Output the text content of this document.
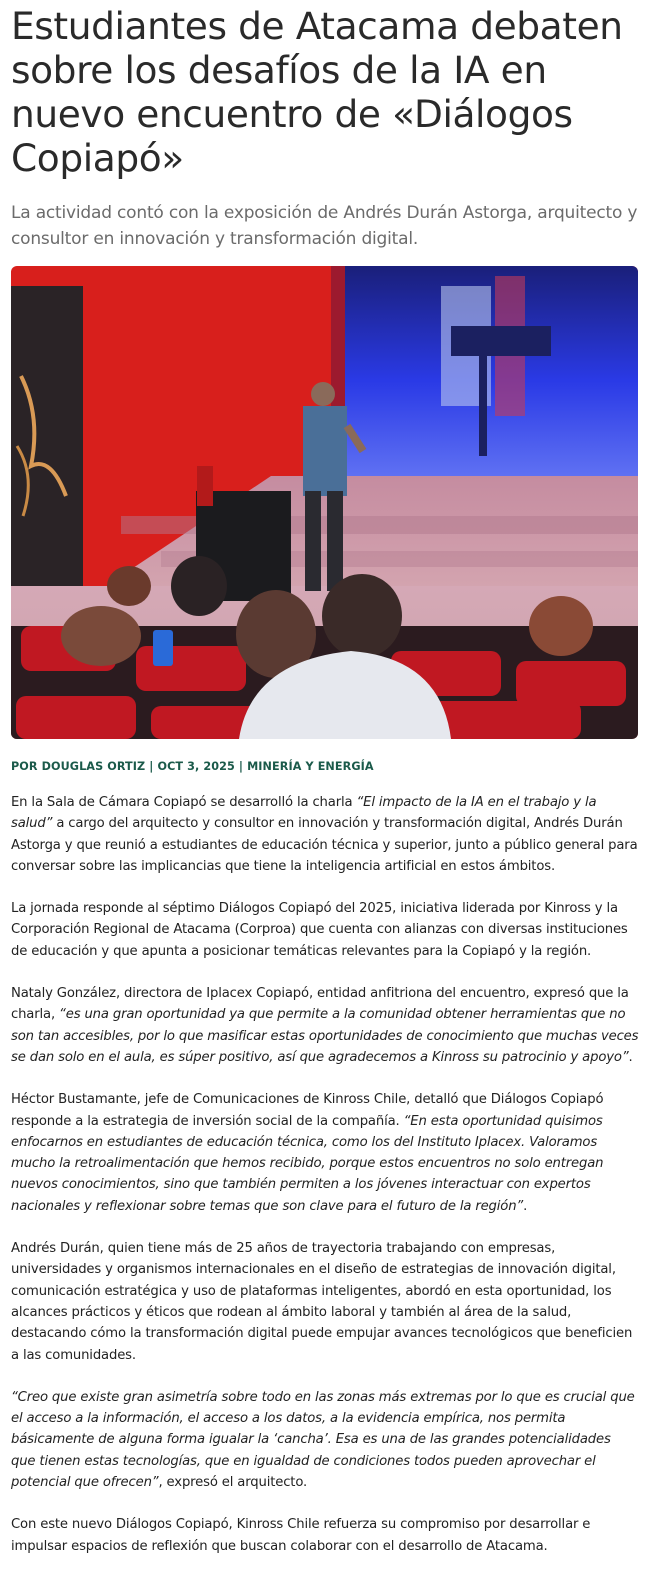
Estudiantes de Atacama debaten sobre los desafíos de la IA en nuevo encuentro de «Diálogos Copiapó»

La actividad contó con la exposición de Andrés Durán Astorga, arquitecto y consultor en innovación y transformación digital.

POR DOUGLAS ORTIZ | OCT 3, 2025 | MINERÍA Y ENERGÍA

En la Sala de Cámara Copiapó se desarrolló la charla “El impacto de la IA en el trabajo y la salud” a cargo del arquitecto y consultor en innovación y transformación digital, Andrés Durán Astorga y que reunió a estudiantes de educación técnica y superior, junto a público general para conversar sobre las implicancias que tiene la inteligencia artificial en estos ámbitos.

La jornada responde al séptimo Diálogos Copiapó del 2025, iniciativa liderada por Kinross y la Corporación Regional de Atacama (Corproa) que cuenta con alianzas con diversas instituciones de educación y que apunta a posicionar temáticas relevantes para la Copiapó y la región.

Nataly González, directora de Iplacex Copiapó, entidad anfitriona del encuentro, expresó que la charla, “es una gran oportunidad ya que permite a la comunidad obtener herramientas que no son tan accesibles, por lo que masificar estas oportunidades de conocimiento que muchas veces se dan solo en el aula, es súper positivo, así que agradecemos a Kinross su patrocinio y apoyo”.

Héctor Bustamante, jefe de Comunicaciones de Kinross Chile, detalló que Diálogos Copiapó responde a la estrategia de inversión social de la compañía. “En esta oportunidad quisimos enfocarnos en estudiantes de educación técnica, como los del Instituto Iplacex. Valoramos mucho la retroalimentación que hemos recibido, porque estos encuentros no solo entregan nuevos conocimientos, sino que también permiten a los jóvenes interactuar con expertos nacionales y reflexionar sobre temas que son clave para el futuro de la región”.

Andrés Durán, quien tiene más de 25 años de trayectoria trabajando con empresas, universidades y organismos internacionales en el diseño de estrategias de innovación digital, comunicación estratégica y uso de plataformas inteligentes, abordó en esta oportunidad, los alcances prácticos y éticos que rodean al ámbito laboral y también al área de la salud, destacando cómo la transformación digital puede empujar avances tecnológicos que beneficien a las comunidades.

“Creo que existe gran asimetría sobre todo en las zonas más extremas por lo que es crucial que el acceso a la información, el acceso a los datos, a la evidencia empírica, nos permita básicamente de alguna forma igualar la ‘cancha’. Esa es una de las grandes potencialidades que tienen estas tecnologías, que en igualdad de condiciones todos pueden aprovechar el potencial que ofrecen”, expresó el arquitecto.

Con este nuevo Diálogos Copiapó, Kinross Chile refuerza su compromiso por desarrollar e impulsar espacios de reflexión que buscan colaborar con el desarrollo de Atacama.
